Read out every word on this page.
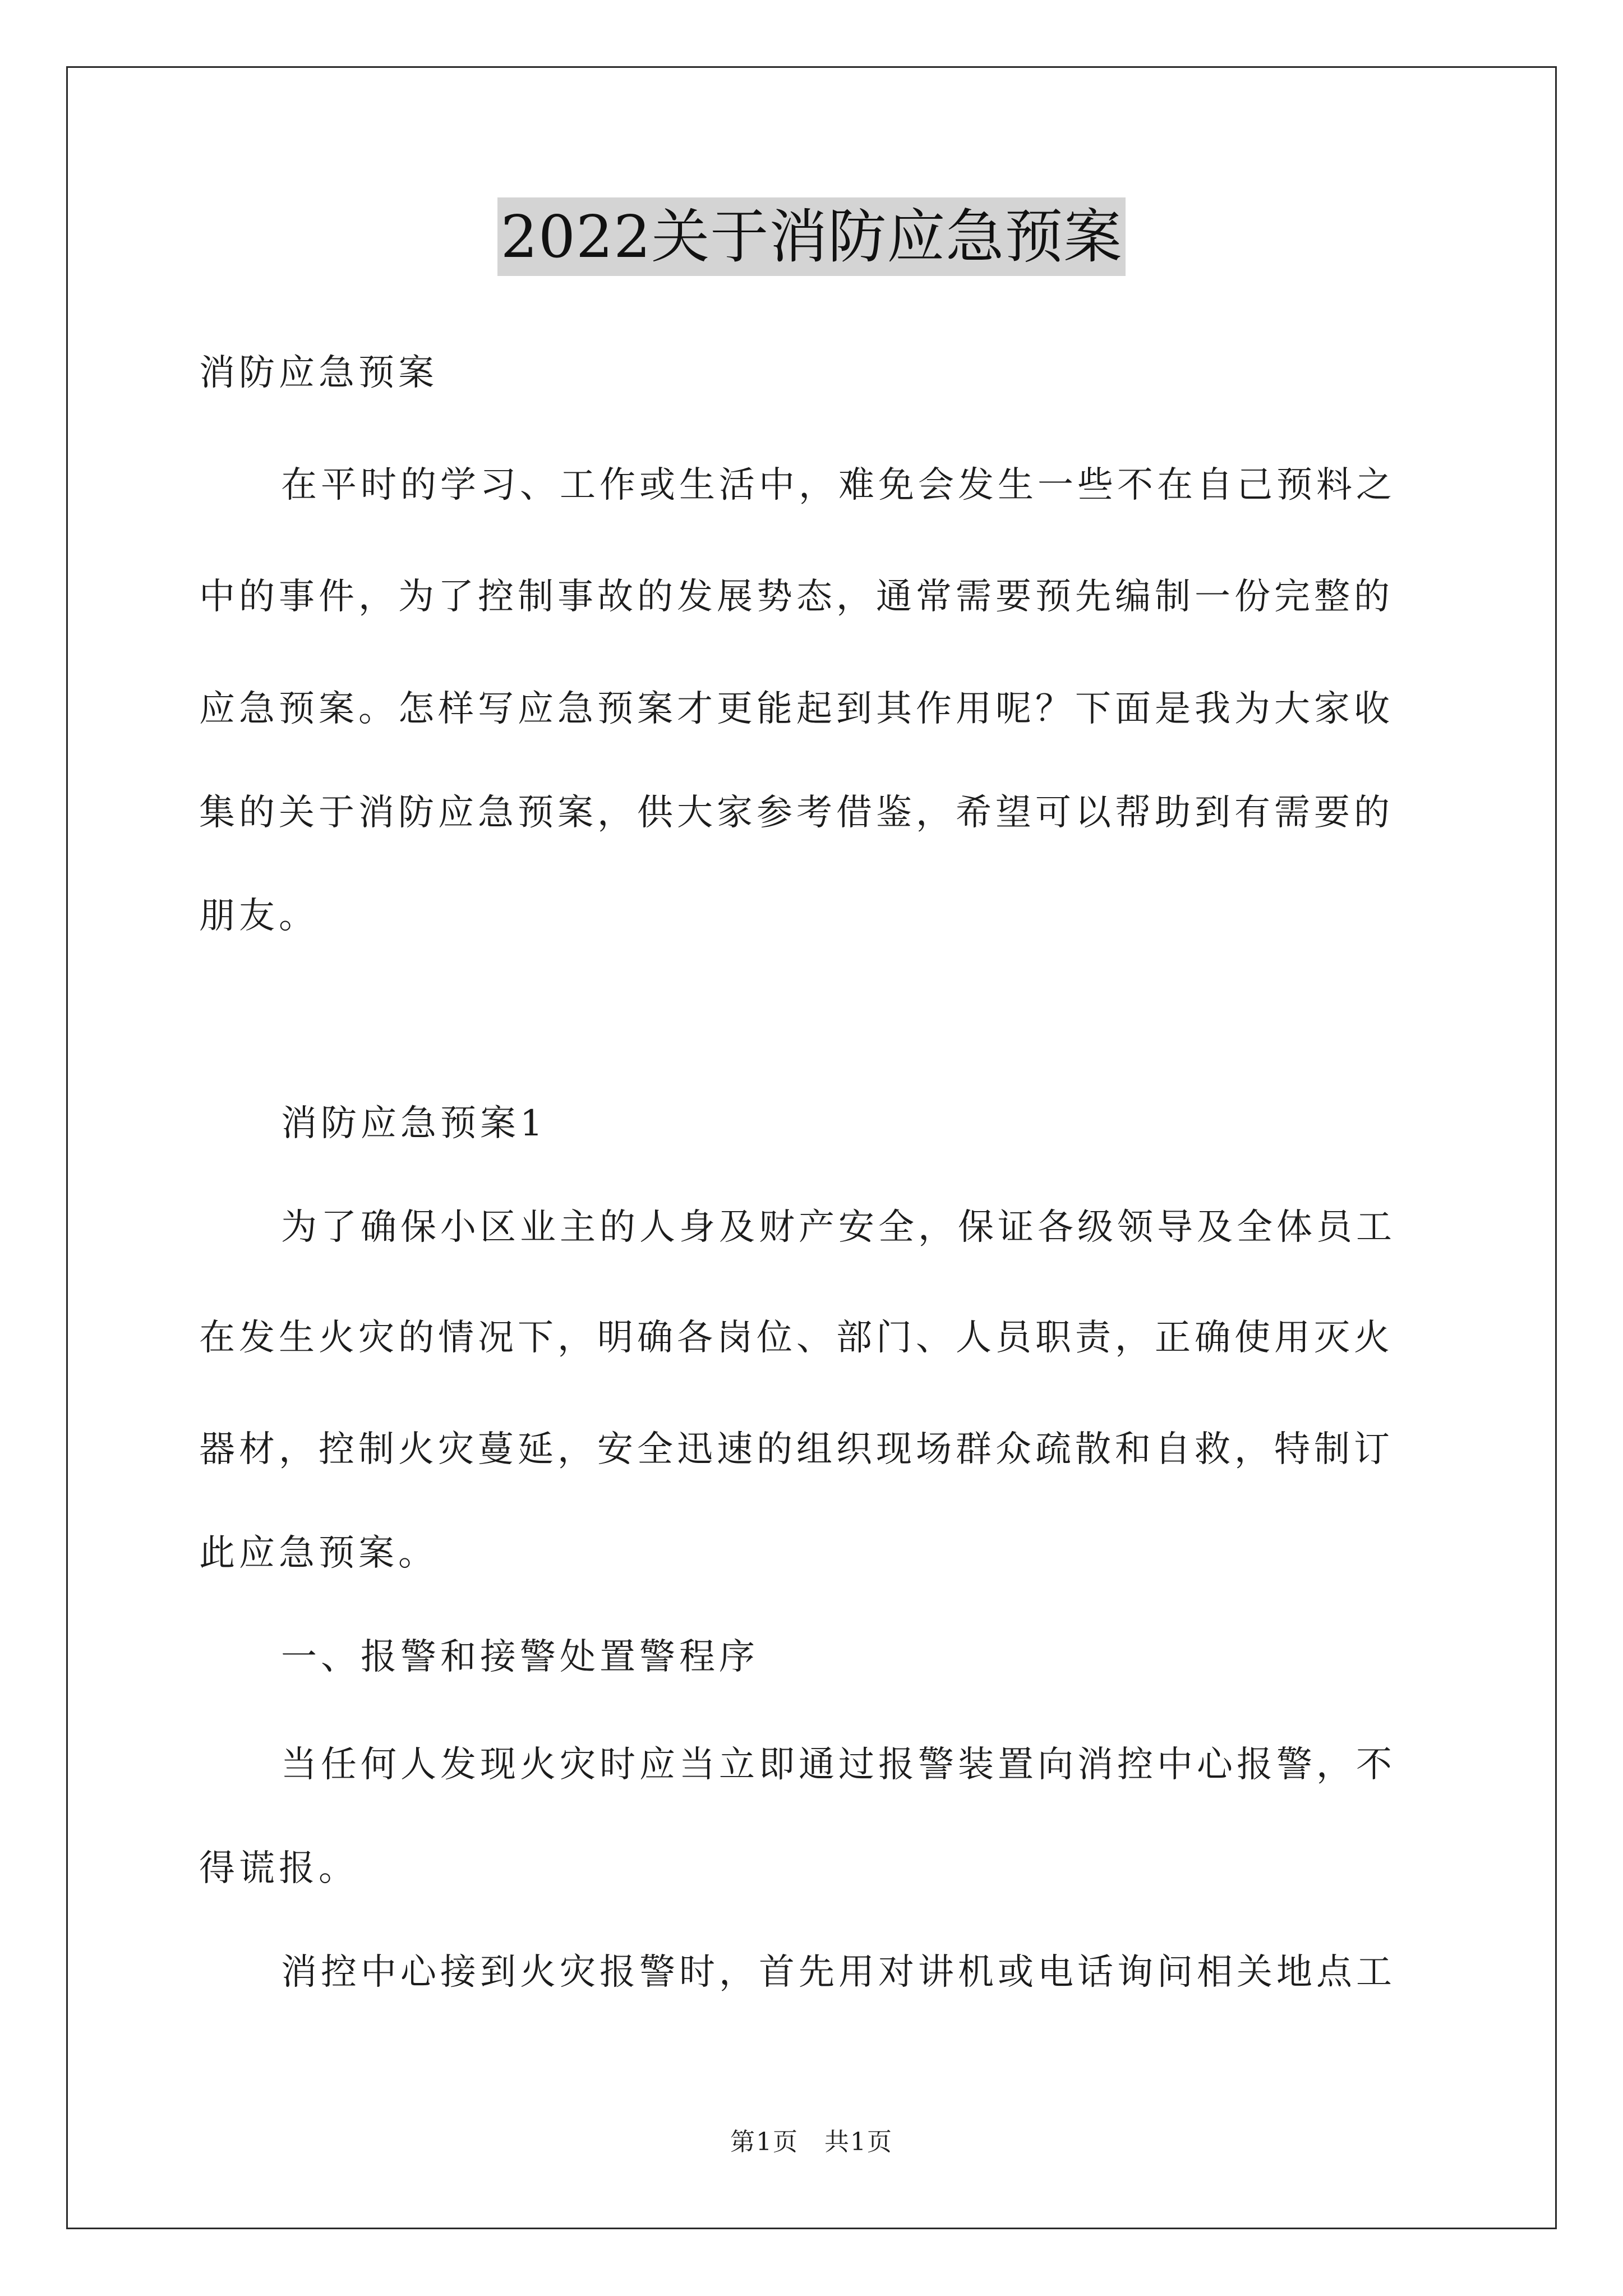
2022关于消防应急预案
消防应急预案
在平时的学习、工作或生活中，难免会发生一些不在自己预料之
中的事件，为了控制事故的发展势态，通常需要预先编制一份完整的
应急预案。怎样写应急预案才更能起到其作用呢？下面是我为大家收
集的关于消防应急预案，供大家参考借鉴，希望可以帮助到有需要的
朋友。
消防应急预案1
为了确保小区业主的人身及财产安全，保证各级领导及全体员工
在发生火灾的情况下，明确各岗位、部门、人员职责，正确使用灭火
器材，控制火灾蔓延，安全迅速的组织现场群众疏散和自救，特制订
此应急预案。
一、报警和接警处置警程序
当任何人发现火灾时应当立即通过报警装置向消控中心报警，不
得谎报。
消控中心接到火灾报警时，首先用对讲机或电话询问相关地点工
第1页　共1页
